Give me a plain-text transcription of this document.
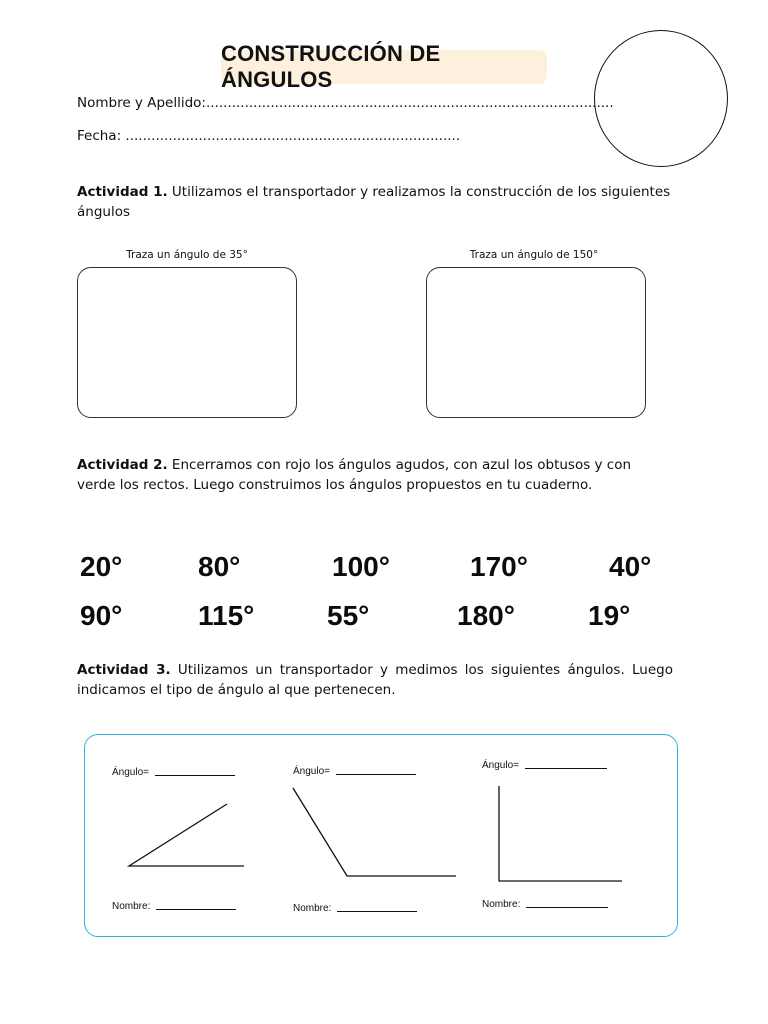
CONSTRUCCIÓN DE ÁNGULOS
Nombre y Apellido:...............................................................................................
Fecha: ..............................................................................
Actividad 1. Utilizamos el transportador y realizamos la construcción de los siguientes ángulos
Traza un ángulo de 35°	Traza un ángulo de 150°
Actividad 2. Encerramos con rojo los ángulos agudos, con azul los obtusos y con verde los rectos. Luego construimos los ángulos propuestos en tu cuaderno.
20°	80°	100°	170°	40°
90°	115°	55°	180°	19°
Actividad 3. Utilizamos un transportador y medimos los siguientes ángulos. Luego indicamos el tipo de ángulo al que pertenecen.
Ángulo=
Nombre:
Ángulo=
Nombre:
Ángulo=
Nombre:
